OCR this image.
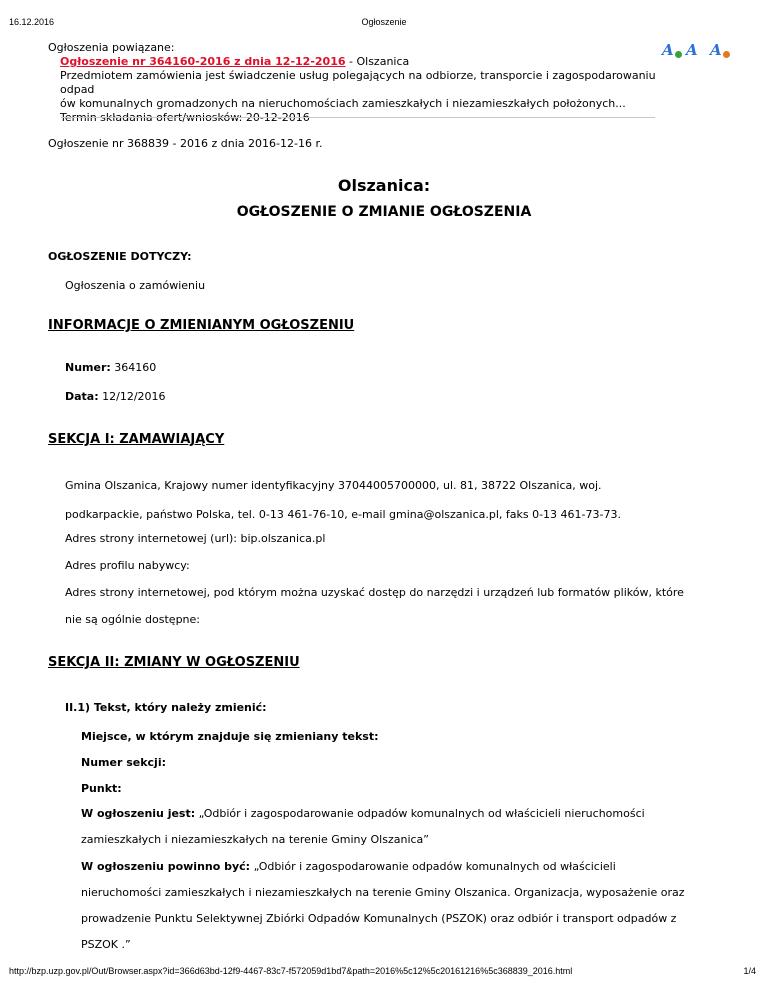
16.12.2016	Ogłoszenie
http://bzp.uzp.gov.pl/Out/Browser.aspx?id=366d63bd-12f9-4467-83c7-f572059d1bd7&path=2016%5c12%5c20161216%5c368839_2016.html	1/4
Ogłoszenia powiązane:
Ogłoszenie nr 364160-2016 z dnia 12-12-2016 - Olszanica
Przedmiotem zamówienia jest świadczenie usług polegających na odbiorze, transporcie i zagospodarowaniu odpad
ów komunalnych gromadzonych na nieruchomościach zamieszkałych i niezamieszkałych położonych...
Termin składania ofert/wniosków: 20-12-2016
A A A
Ogłoszenie nr 368839 - 2016 z dnia 2016-12-16 r.
Olszanica:
OGŁOSZENIE O ZMIANIE OGŁOSZENIA
OGŁOSZENIE DOTYCZY:
Ogłoszenia o zamówieniu
INFORMACJE O ZMIENIANYM OGŁOSZENIU
Numer: 364160
Data: 12/12/2016
SEKCJA I: ZAMAWIAJĄCY
Gmina Olszanica, Krajowy numer identyfikacyjny 37044005700000, ul. 81, 38722 Olszanica, woj.
podkarpackie, państwo Polska, tel. 0-13 461-76-10, e-mail gmina@olszanica.pl, faks 0-13 461-73-73.
Adres strony internetowej (url): bip.olszanica.pl
Adres profilu nabywcy:
Adres strony internetowej, pod którym można uzyskać dostęp do narzędzi i urządzeń lub formatów plików, które
nie są ogólnie dostępne:
SEKCJA II: ZMIANY W OGŁOSZENIU
II.1) Tekst, który należy zmienić:
Miejsce, w którym znajduje się zmieniany tekst:
Numer sekcji:
Punkt:
W ogłoszeniu jest: „Odbiór i zagospodarowanie odpadów komunalnych od właścicieli nieruchomości
zamieszkałych i niezamieszkałych na terenie Gminy Olszanica”
W ogłoszeniu powinno być: „Odbiór i zagospodarowanie odpadów komunalnych od właścicieli
nieruchomości zamieszkałych i niezamieszkałych na terenie Gminy Olszanica. Organizacja, wyposażenie oraz
prowadzenie Punktu Selektywnej Zbiórki Odpadów Komunalnych (PSZOK) oraz odbiór i transport odpadów z
PSZOK .”
